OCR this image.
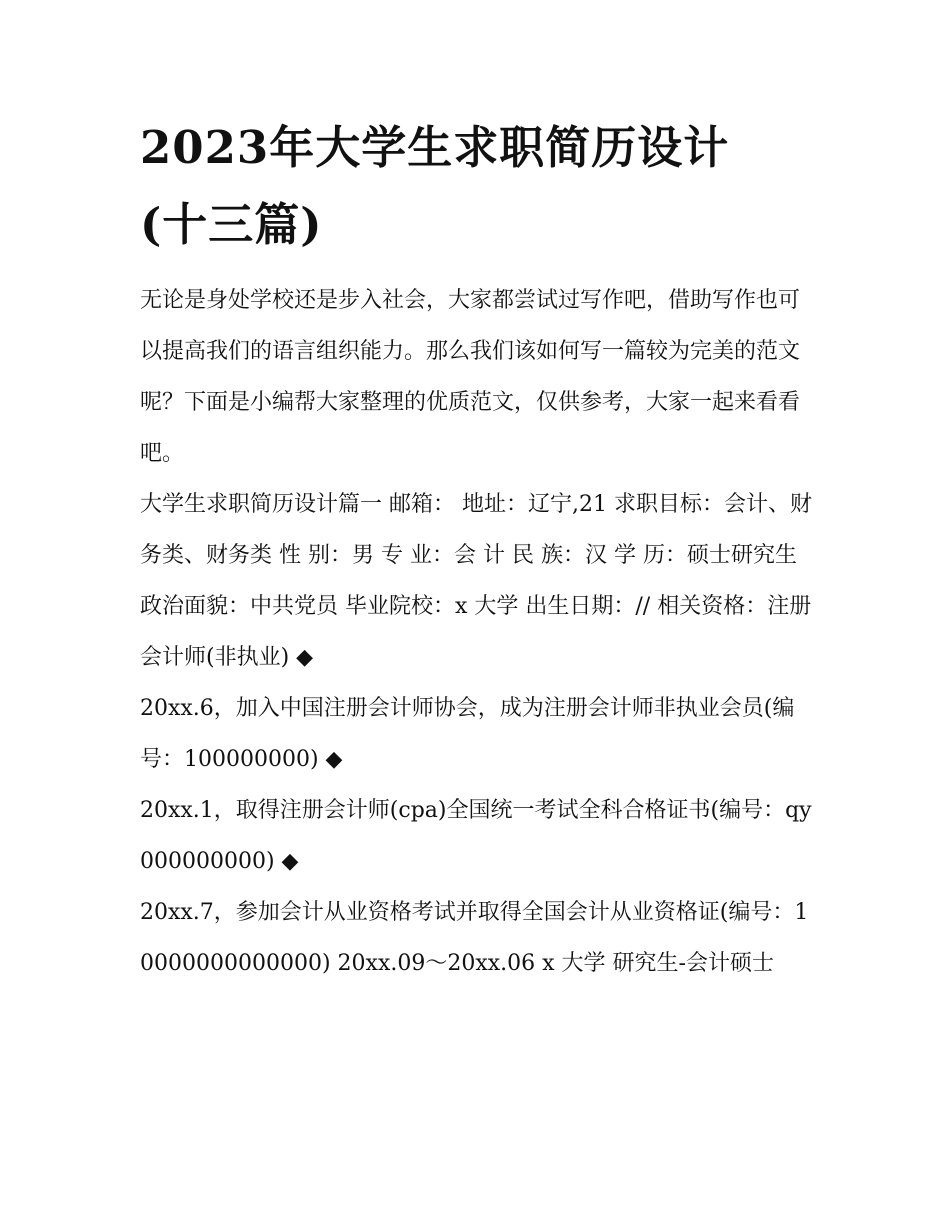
2023年大学生求职简历设计
(十三篇)

无论是身处学校还是步入社会，大家都尝试过写作吧，借助写作也可以提高我们的语言组织能力。那么我们该如何写一篇较为完美的范文呢？下面是小编帮大家整理的优质范文，仅供参考，大家一起来看看吧。

大学生求职简历设计篇一 邮箱： 地址：辽宁,21 求职目标：会计、财务类、财务类 性 别：男 专 业：会 计 民 族：汉 学 历：硕士研究生

政治面貌：中共党员 毕业院校：x 大学 出生日期：// 相关资格：注册会计师(非执业) ◆

20xx.6，加入中国注册会计师协会，成为注册会计师非执业会员(编号：100000000) ◆

20xx.1，取得注册会计师(cpa)全国统一考试全科合格证书(编号：qy000000000) ◆

20xx.7，参加会计从业资格考试并取得全国会计从业资格证(编号：10000000000000) 20xx.09～20xx.06 x 大学 研究生-会计硕士
